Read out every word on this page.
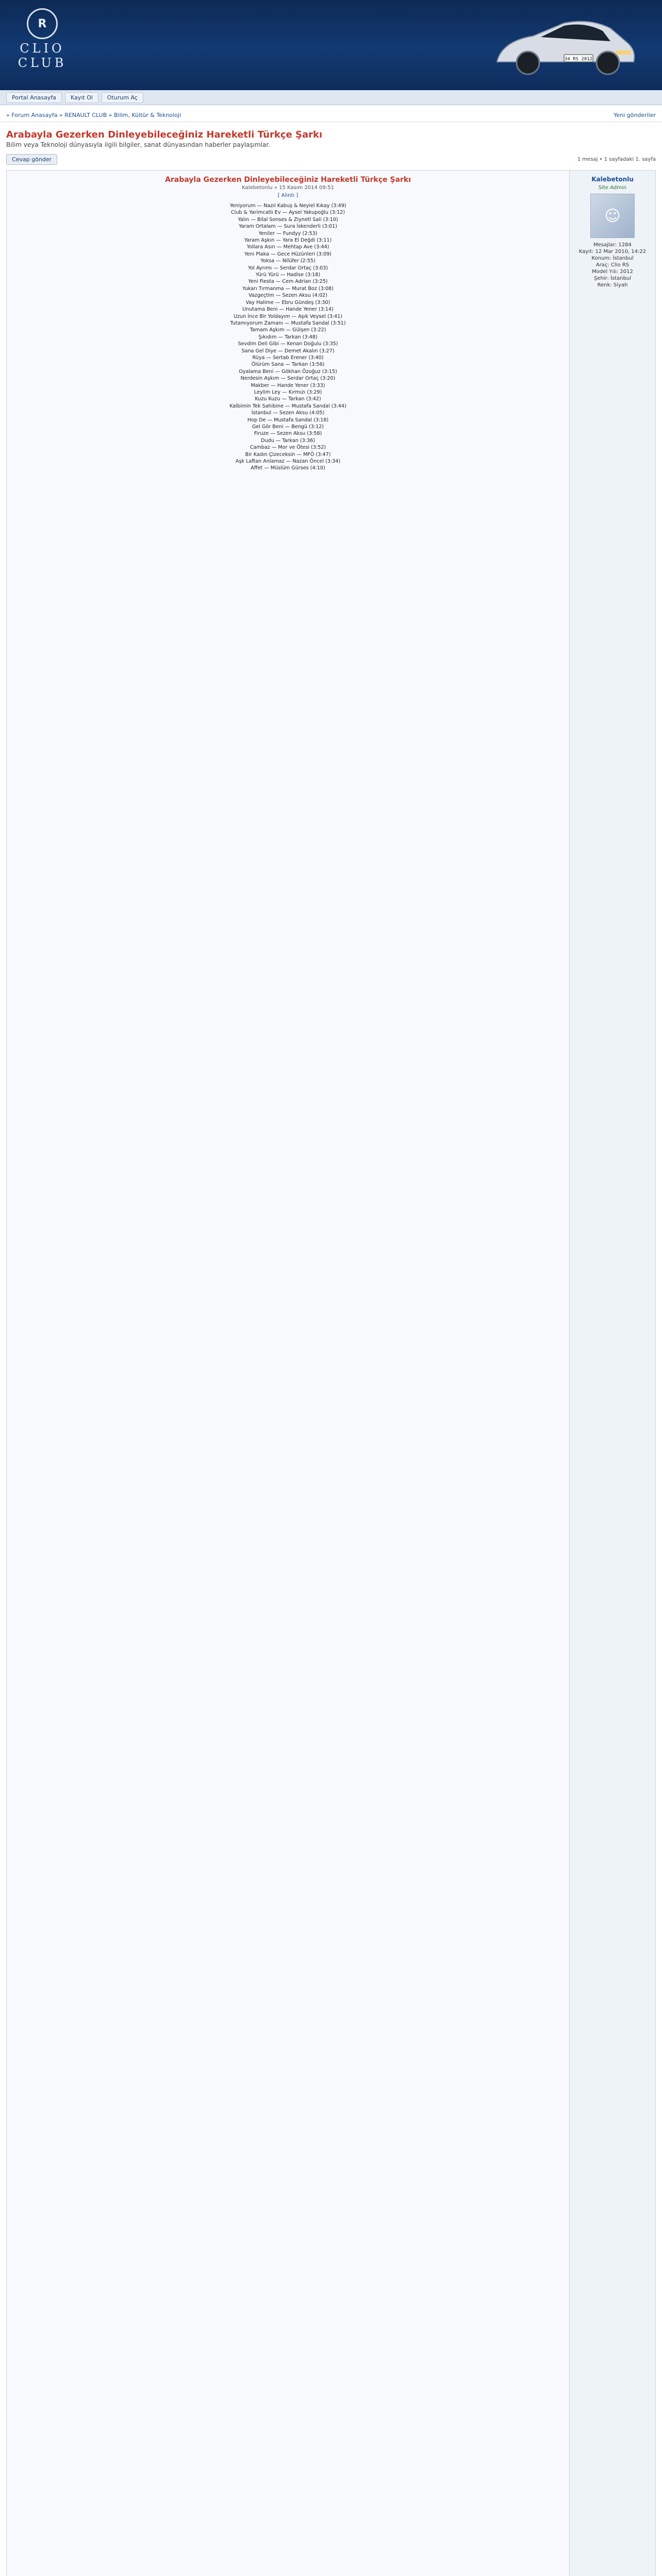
R
CLIO
CLUB	34 RS 2012
Portal Anasayfa	Kayıt Ol	Oturum Aç
» Forum Anasayfa » RENAULT CLUB » Bilim, Kültür & Teknoloji	Yeni gönderiler
Arabayla Gezerken Dinleyebileceğiniz Hareketli Türkçe Şarkı
Bilim veya Teknoloji dünyasıyla ilgili bilgiler, sanat dünyasından haberler paylaşımlar.
Cevap gönder	1 mesaj • 1 sayfadaki 1. sayfa
Arabayla Gezerken Dinleyebileceğiniz Hareketli Türkçe Şarkı
Kalebetonlu » 15 Kasım 2014 09:51
[ Alıntı ]
Yeniyorum — Nazıl Kabuş & Neyiel Kıkay (3:49)
Club & Yarimcatlı Ev — Aysel Yakupoğlu (3:12)
Yalın — Bilal Sonses & Ziynetl Sali (3:10)
Yaram Ortalam — Sura İskenderli (3:01)
Yeniler — Fundyy (2:53)
Yaram Aşkın — Yara El Değdi (3:11)
Yollara Asırı — Mehtap Ave (3:44)
Yeni Plaka — Gece Hüzünleri (3:09)
Yoksa — Nilüfer (2:55)
Yol Ayrımı — Serdar Ortaç (3:03)
Yürü Yürü — Hadise (3:18)
Yeni Fiesta — Cem Adrian (3:25)
Yukarı Tırmanma — Murat Boz (3:08)
Vazgeçtim — Sezen Aksu (4:02)
Vay Halime — Ebru Gündeş (3:30)
Unutama Beni — Hande Yener (3:14)
Uzun İnce Bir Yoldayım — Aşık Veysel (3:41)
Tutamıyorum Zamanı — Mustafa Sandal (3:51)
Tamam Aşkım — Gülşen (3:22)
Şıkıdım — Tarkan (3:48)
Sevdim Deli Gibi — Kenan Doğulu (3:35)
Sana Gel Diye — Demet Akalın (3:27)
Rüya — Sertab Erener (3:40)
Ölürüm Sana — Tarkan (3:56)
Oyalama Beni — Gökhan Özoğuz (3:15)
Nerdesin Aşkım — Serdar Ortaç (3:20)
Makber — Hande Yener (3:33)
Leylim Ley — Kırmızı (3:29)
Kuzu Kuzu — Tarkan (3:42)
Kalbimin Tek Sahibine — Mustafa Sandal (3:44)
İstanbul — Sezen Aksu (4:05)
Hop De — Mustafa Sandal (3:18)
Gel Gör Beni — Bengü (3:12)
Firuze — Sezen Aksu (3:58)
Dudu — Tarkan (3:36)
Cambaz — Mor ve Ötesi (3:52)
Bir Kadın Çizeceksin — MFÖ (3:47)
Aşk Laftan Anlamaz — Nazan Öncel (3:34)
Affet — Müslüm Gürses (4:10)
Kalebetonlu
Site Admin
☺
Mesajlar: 1284
Kayıt: 12 Mar 2010, 14:22
Konum: İstanbul
Araç: Clio RS
Model Yılı: 2012
Şehir: İstanbul
Renk: Siyah
